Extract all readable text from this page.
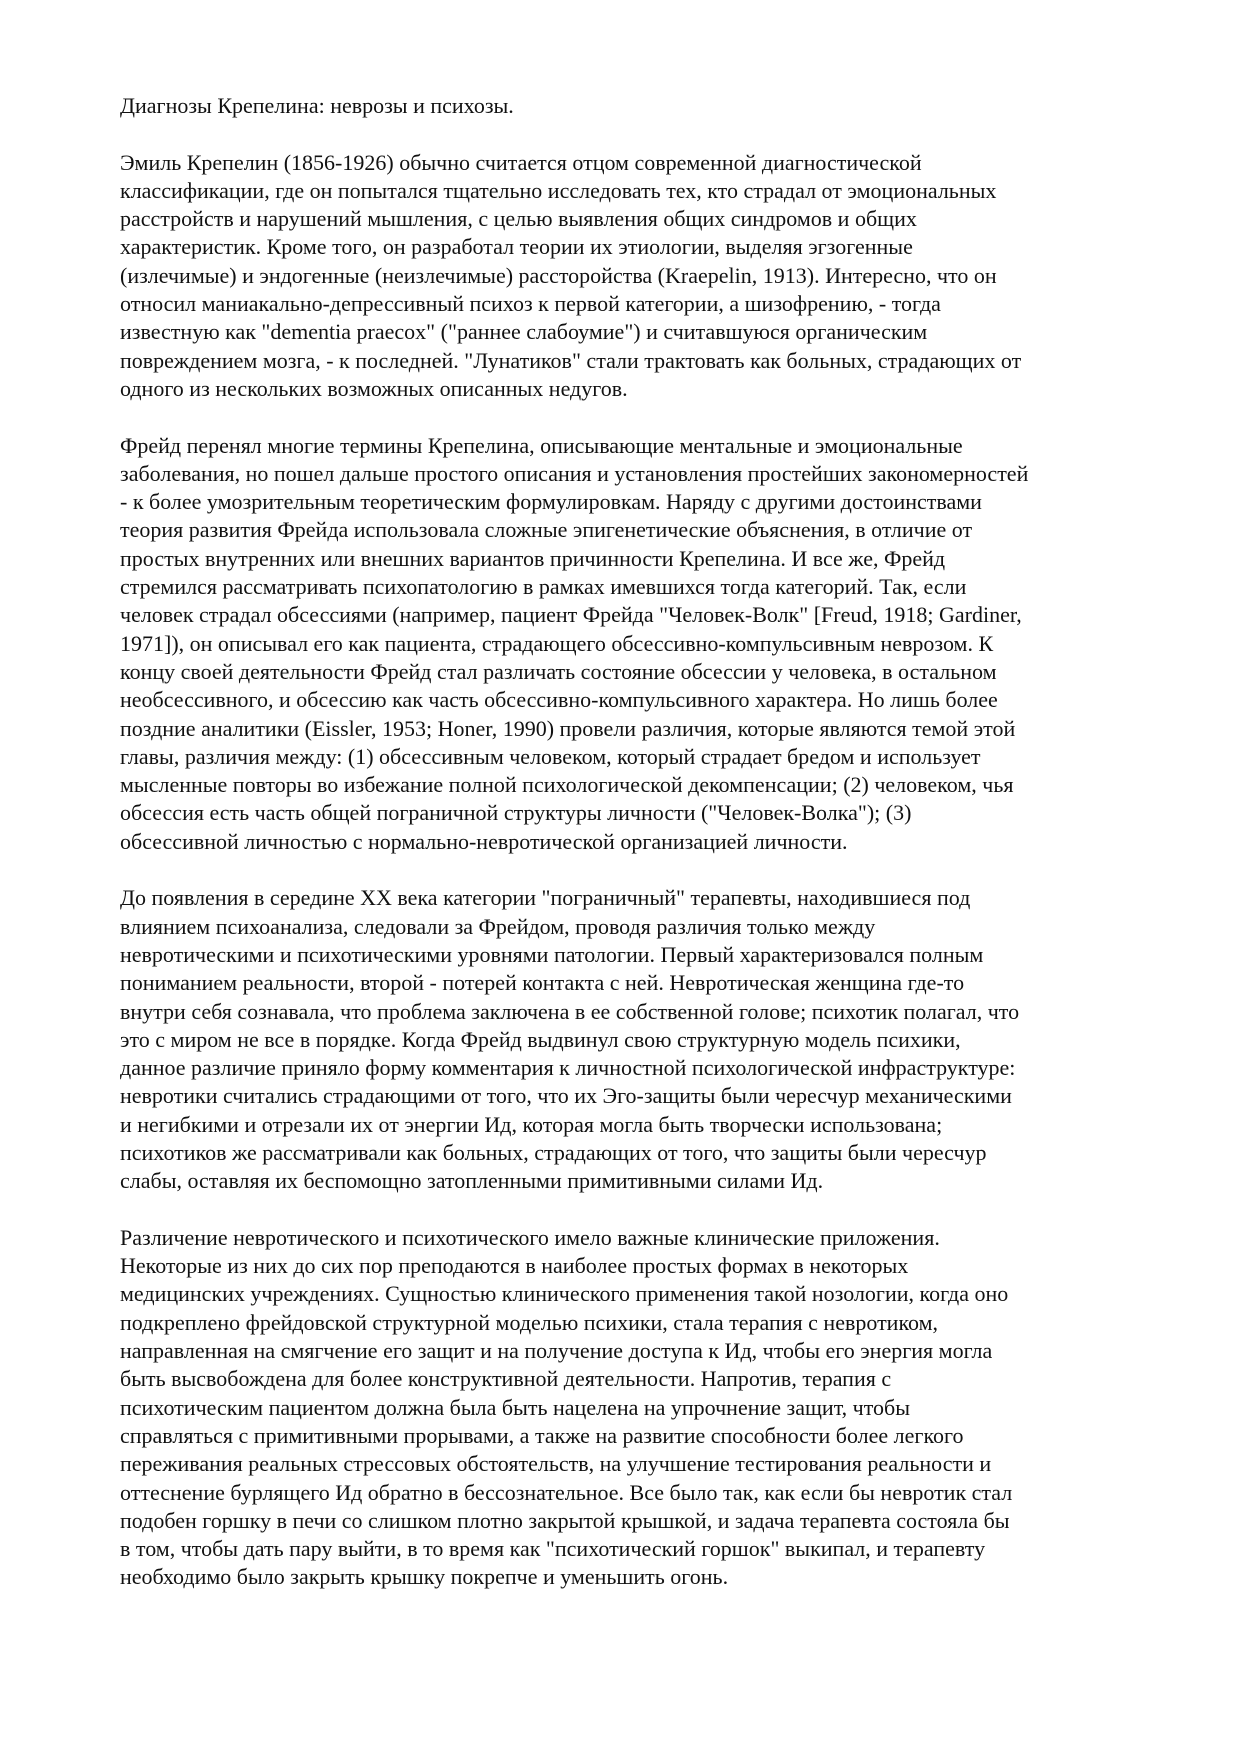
Диагнозы Крепелина: неврозы и психозы.

Эмиль Крепелин (1856-1926) обычно считается отцом современной диагностической
классификации, где он попытался тщательно исследовать тех, кто страдал от эмоциональных
расстройств и нарушений мышления, с целью выявления общих синдромов и общих
характеристик. Кроме того, он разработал теории их этиологии, выделяя эгзогенные
(излечимые) и эндогенные (неизлечимые) рассторойства (Kraepelin, 1913). Интересно, что он
относил маниакально-депрессивный психоз к первой категории, а шизофрению, - тогда
известную как "dementia praecox" ("раннее слабоумие") и считавшуюся органическим
повреждением мозга, - к последней. "Лунатиков" стали трактовать как больных, страдающих от
одного из нескольких возможных описанных недугов.

Фрейд перенял многие термины Крепелина, описывающие ментальные и эмоциональные
заболевания, но пошел дальше простого описания и установления простейших закономерностей
- к более умозрительным теоретическим формулировкам. Наряду с другими достоинствами
теория развития Фрейда использовала сложные эпигенетические объяснения, в отличие от
простых внутренних или внешних вариантов причинности Крепелина. И все же, Фрейд
стремился рассматривать психопатологию в рамках имевшихся тогда категорий. Так, если
человек страдал обсессиями (например, пациент Фрейда "Человек-Волк" [Freud, 1918; Gardiner,
1971]), он описывал его как пациента, страдающего обсессивно-компульсивным неврозом. К
концу своей деятельности Фрейд стал различать состояние обсессии у человека, в остальном
необсессивного, и обсессию как часть обсессивно-компульсивного характера. Но лишь более
поздние аналитики (Eissler, 1953; Honer, 1990) провели различия, которые являются темой этой
главы, различия между: (1) обсессивным человеком, который страдает бредом и использует
мысленные повторы во избежание полной психологической декомпенсации; (2) человеком, чья
обсессия есть часть общей пограничной структуры личности ("Человек-Волка"); (3)
обсессивной личностью с нормально-невротической организацией личности.

До появления в середине XX века категории "пограничный" терапевты, находившиеся под
влиянием психоанализа, следовали за Фрейдом, проводя различия только между
невротическими и психотическими уровнями патологии. Первый характеризовался полным
пониманием реальности, второй - потерей контакта с ней. Невротическая женщина где-то
внутри себя сознавала, что проблема заключена в ее собственной голове; психотик полагал, что
это с миром не все в порядке. Когда Фрейд выдвинул свою структурную модель психики,
данное различие приняло форму комментария к личностной психологической инфраструктуре:
невротики считались страдающими от того, что их Эго-защиты были чересчур механическими
и негибкими и отрезали их от энергии Ид, которая могла быть творчески использована;
психотиков же рассматривали как больных, страдающих от того, что защиты были чересчур
слабы, оставляя их беспомощно затопленными примитивными силами Ид.

Различение невротического и психотического имело важные клинические приложения.
Некоторые из них до сих пор преподаются в наиболее простых формах в некоторых
медицинских учреждениях. Сущностью клинического применения такой нозологии, когда оно
подкреплено фрейдовской структурной моделью психики, стала терапия с невротиком,
направленная на смягчение его защит и на получение доступа к Ид, чтобы его энергия могла
быть высвобождена для более конструктивной деятельности. Напротив, терапия с
психотическим пациентом должна была быть нацелена на упрочнение защит, чтобы
справляться с примитивными прорывами, а также на развитие способности более легкого
переживания реальных стрессовых обстоятельств, на улучшение тестирования реальности и
оттеснение бурлящего Ид обратно в бессознательное. Все было так, как если бы невротик стал
подобен горшку в печи со слишком плотно закрытой крышкой, и задача терапевта состояла бы
в том, чтобы дать пару выйти, в то время как "психотический горшок" выкипал, и терапевту
необходимо было закрыть крышку покрепче и уменьшить огонь.
